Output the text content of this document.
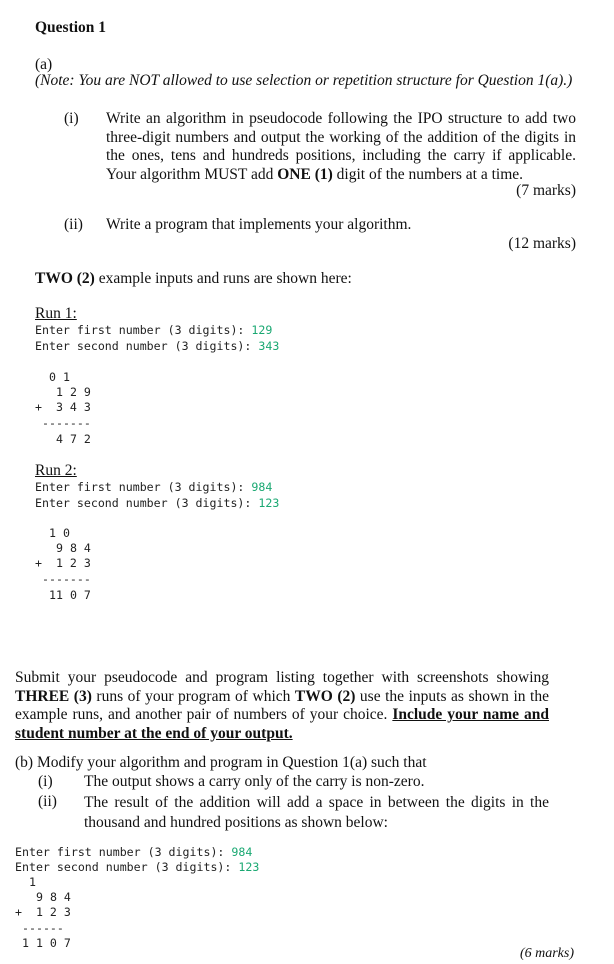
Question 1
(a)
(Note: You are NOT allowed to use selection or repetition structure for Question 1(a).)
(i) Write an algorithm in pseudocode following the IPO structure to add two three-digit numbers and output the working of the addition of the digits in the ones, tens and hundreds positions, including the carry if applicable. Your algorithm MUST add ONE (1) digit of the numbers at a time.
(7 marks)
(ii) Write a program that implements your algorithm.
(12 marks)
TWO (2) example inputs and runs are shown here:
Run 1:
Enter first number (3 digits): 129
Enter second number (3 digits): 343
0 1
1 2 9
+  3 4 3
-------
4 7 2
Run 2:
Enter first number (3 digits): 984
Enter second number (3 digits): 123
1 0
9 8 4
+  1 2 3
-------
11 0 7
Submit your pseudocode and program listing together with screenshots showing THREE (3) runs of your program of which TWO (2) use the inputs as shown in the example runs, and another pair of numbers of your choice. Include your name and student number at the end of your output.
(b) Modify your algorithm and program in Question 1(a) such that
(i) The output shows a carry only of the carry is non-zero.
(ii) The result of the addition will add a space in between the digits in the thousand and hundred positions as shown below:
Enter first number (3 digits): 984
Enter second number (3 digits): 123
1
9 8 4
+  1 2 3
------
1 1 0 7
(6 marks)
